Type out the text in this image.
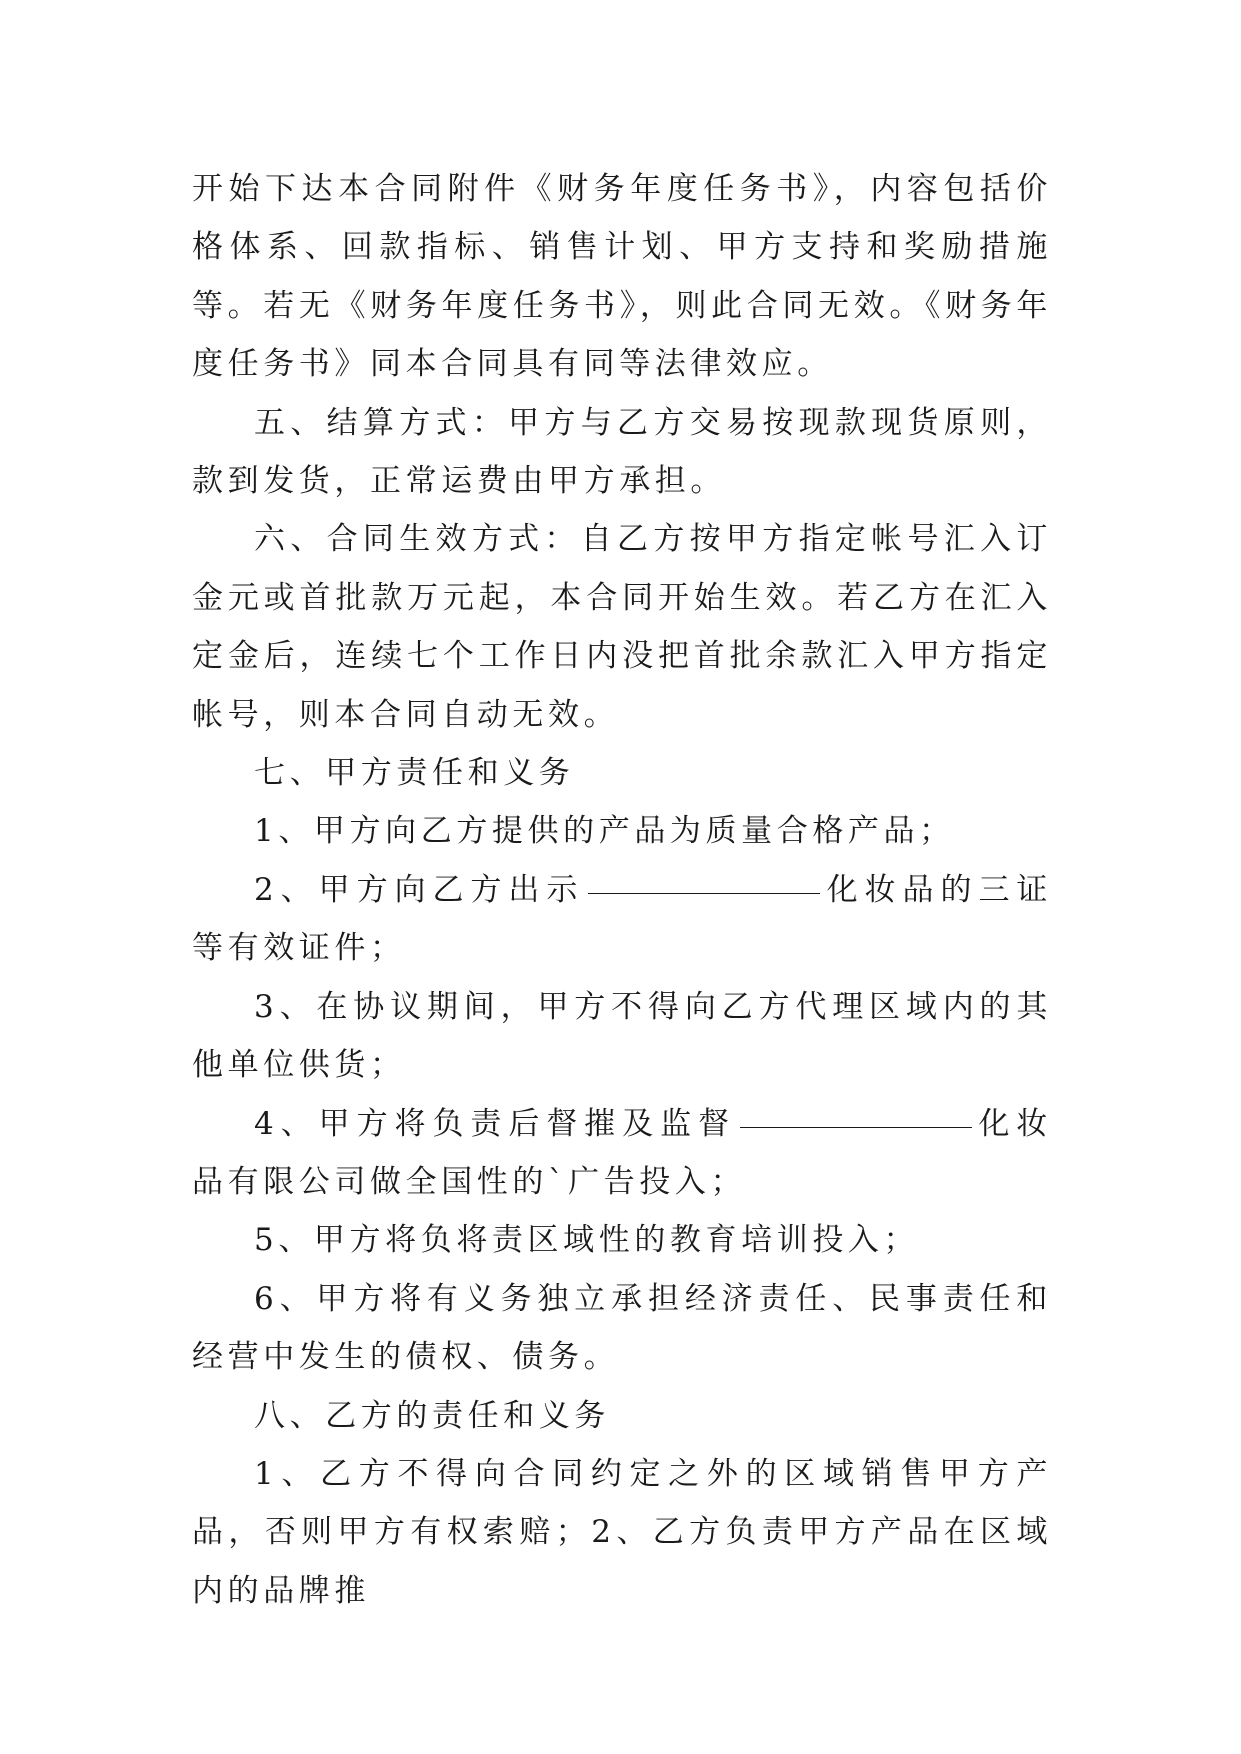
开始下达本合同附件《财务年度任务书》，内容包括价格体系、回款指标、销售计划、甲方支持和奖励措施等。若无《财务年度任务书》，则此合同无效。《财务年度任务书》同本合同具有同等法律效应。

五、结算方式：甲方与乙方交易按现款现货原则，款到发货，正常运费由甲方承担。

六、合同生效方式：自乙方按甲方指定帐号汇入订金元或首批款万元起，本合同开始生效。若乙方在汇入定金后，连续七个工作日内没把首批余款汇入甲方指定帐号，则本合同自动无效。

七、甲方责任和义务

1、甲方向乙方提供的产品为质量合格产品；

2、甲方向乙方出示	化妆品的三证等有效证件；

3、在协议期间，甲方不得向乙方代理区域内的其他单位供货；

4、甲方将负责后督摧及监督	化妆品有限公司做全国性的`广告投入；

5、甲方将负将责区域性的教育培训投入；

6、甲方将有义务独立承担经济责任、民事责任和经营中发生的债权、债务。

八、乙方的责任和义务

1、乙方不得向合同约定之外的区域销售甲方产品，否则甲方有权索赔；2、乙方负责甲方产品在区域内的品牌推
